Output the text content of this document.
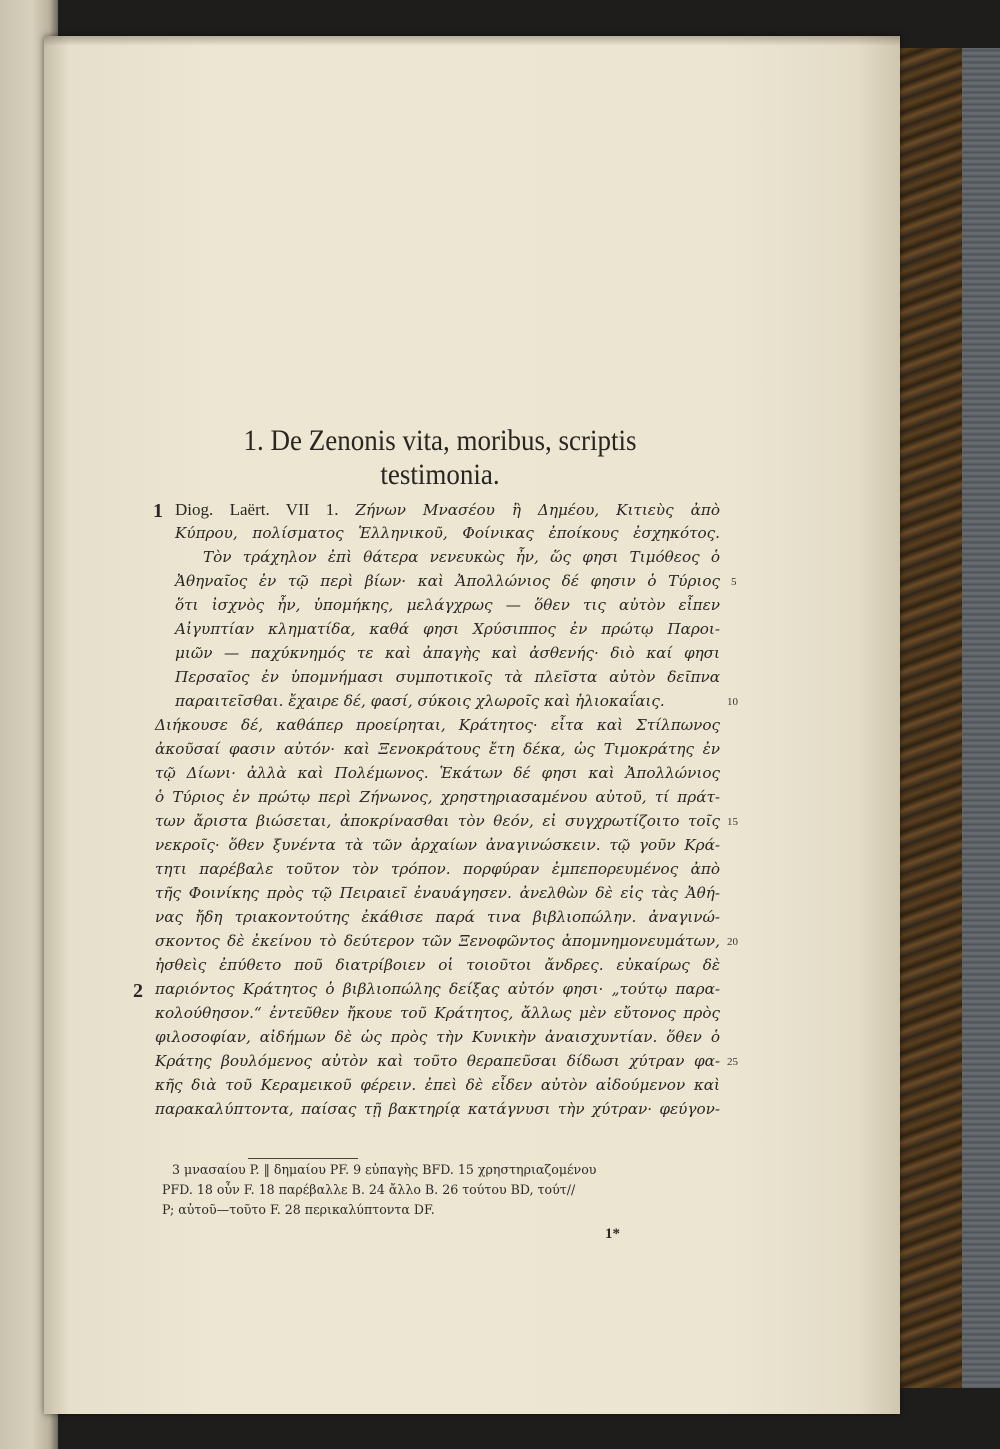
1. De Zenonis vita, moribus, scriptis
testimonia.
1 Diog. Laërt. VII 1. Ζήνων Μνασέου ἢ Δημέου, Κιτιεὺς ἀπὸ
Κύπρου, πολίσματος Ἑλληνικοῦ, Φοίνικας ἐποίκους ἐσχηκότος.
Τὸν τράχηλον ἐπὶ θάτερα νενευκὼς ἦν, ὥς φησι Τιμόθεος ὁ
Ἀθηναῖος ἐν τῷ περὶ βίων· καὶ Ἀπολλώνιος δέ φησιν ὁ Τύριος
ὅτι ἰσχνὸς ἦν, ὑπομήκης, μελάγχρως — ὅθεν τις αὐτὸν εἶπεν
Αἰγυπτίαν κληματίδα, καθά φησι Χρύσιππος ἐν πρώτῳ Παροι-
μιῶν — παχύκνημός τε καὶ ἀπαγὴς καὶ ἀσθενής· διὸ καί φησι
Περσαῖος ἐν ὑπομνήμασι συμποτικοῖς τὰ πλεῖστα αὐτὸν δεῖπνα
παραιτεῖσθαι. ἔχαιρε δέ, φασί, σύκοις χλωροῖς καὶ ἡλιοκαΐαις.
Διήκουσε δέ, καθάπερ προείρηται, Κράτητος· εἶτα καὶ Στίλπωνος
ἀκοῦσαί φασιν αὐτόν· καὶ Ξενοκράτους ἔτη δέκα, ὡς Τιμοκράτης ἐν
τῷ Δίωνι· ἀλλὰ καὶ Πολέμωνος. Ἑκάτων δέ φησι καὶ Ἀπολλώνιος
ὁ Τύριος ἐν πρώτῳ περὶ Ζήνωνος, χρηστηριασαμένου αὐτοῦ, τί πράτ-
των ἄριστα βιώσεται, ἀποκρίνασθαι τὸν θεόν, εἰ συγχρωτίζοιτο τοῖς
νεκροῖς· ὅθεν ξυνέντα τὰ τῶν ἀρχαίων ἀναγινώσκειν. τῷ γοῦν Κρά-
τητι παρέβαλε τοῦτον τὸν τρόπον. πορφύραν ἐμπεπορευμένος ἀπὸ
τῆς Φοινίκης πρὸς τῷ Πειραιεῖ ἐναυάγησεν. ἀνελθὼν δὲ εἰς τὰς Ἀθή-
νας ἤδη τριακοντούτης ἐκάθισε παρά τινα βιβλιοπώλην. ἀναγινώ-
σκοντος δὲ ἐκείνου τὸ δεύτερον τῶν Ξενοφῶντος ἀπομνημονευμάτων,
ἡσθεὶς ἐπύθετο ποῦ διατρίβοιεν οἱ τοιοῦτοι ἄνδρες. εὐκαίρως δὲ
παριόντος Κράτητος ὁ βιβλιοπώλης δείξας αὐτόν φησι· „τούτῳ παρα-
2
κολούθησον.“ ἐντεῦθεν ἤκουε τοῦ Κράτητος, ἄλλως μὲν εὔτονος πρὸς
φιλοσοφίαν, αἰδήμων δὲ ὡς πρὸς τὴν Κυνικὴν ἀναισχυντίαν. ὅθεν ὁ
Κράτης βουλόμενος αὐτὸν καὶ τοῦτο θεραπεῦσαι δίδωσι χύτραν φα-
κῆς διὰ τοῦ Κεραμεικοῦ φέρειν. ἐπεὶ δὲ εἶδεν αὐτὸν αἰδούμενον καὶ
παρακαλύπτοντα, παίσας τῇ βακτηρίᾳ κατάγνυσι τὴν χύτραν· φεύγον-
5
10
15
20
25
3 μνασαίου P. ‖ δημαίου PF. 9 εὐπαγὴς BFD. 15 χρηστηριαζομένου
PFD. 18 οὖν F. 18 παρέβαλλε B. 24 ἄλλο B. 26 τούτου BD, τούτ//
P; αὐτοῦ—τοῦτο F. 28 περικαλύπτοντα DF.
1*
